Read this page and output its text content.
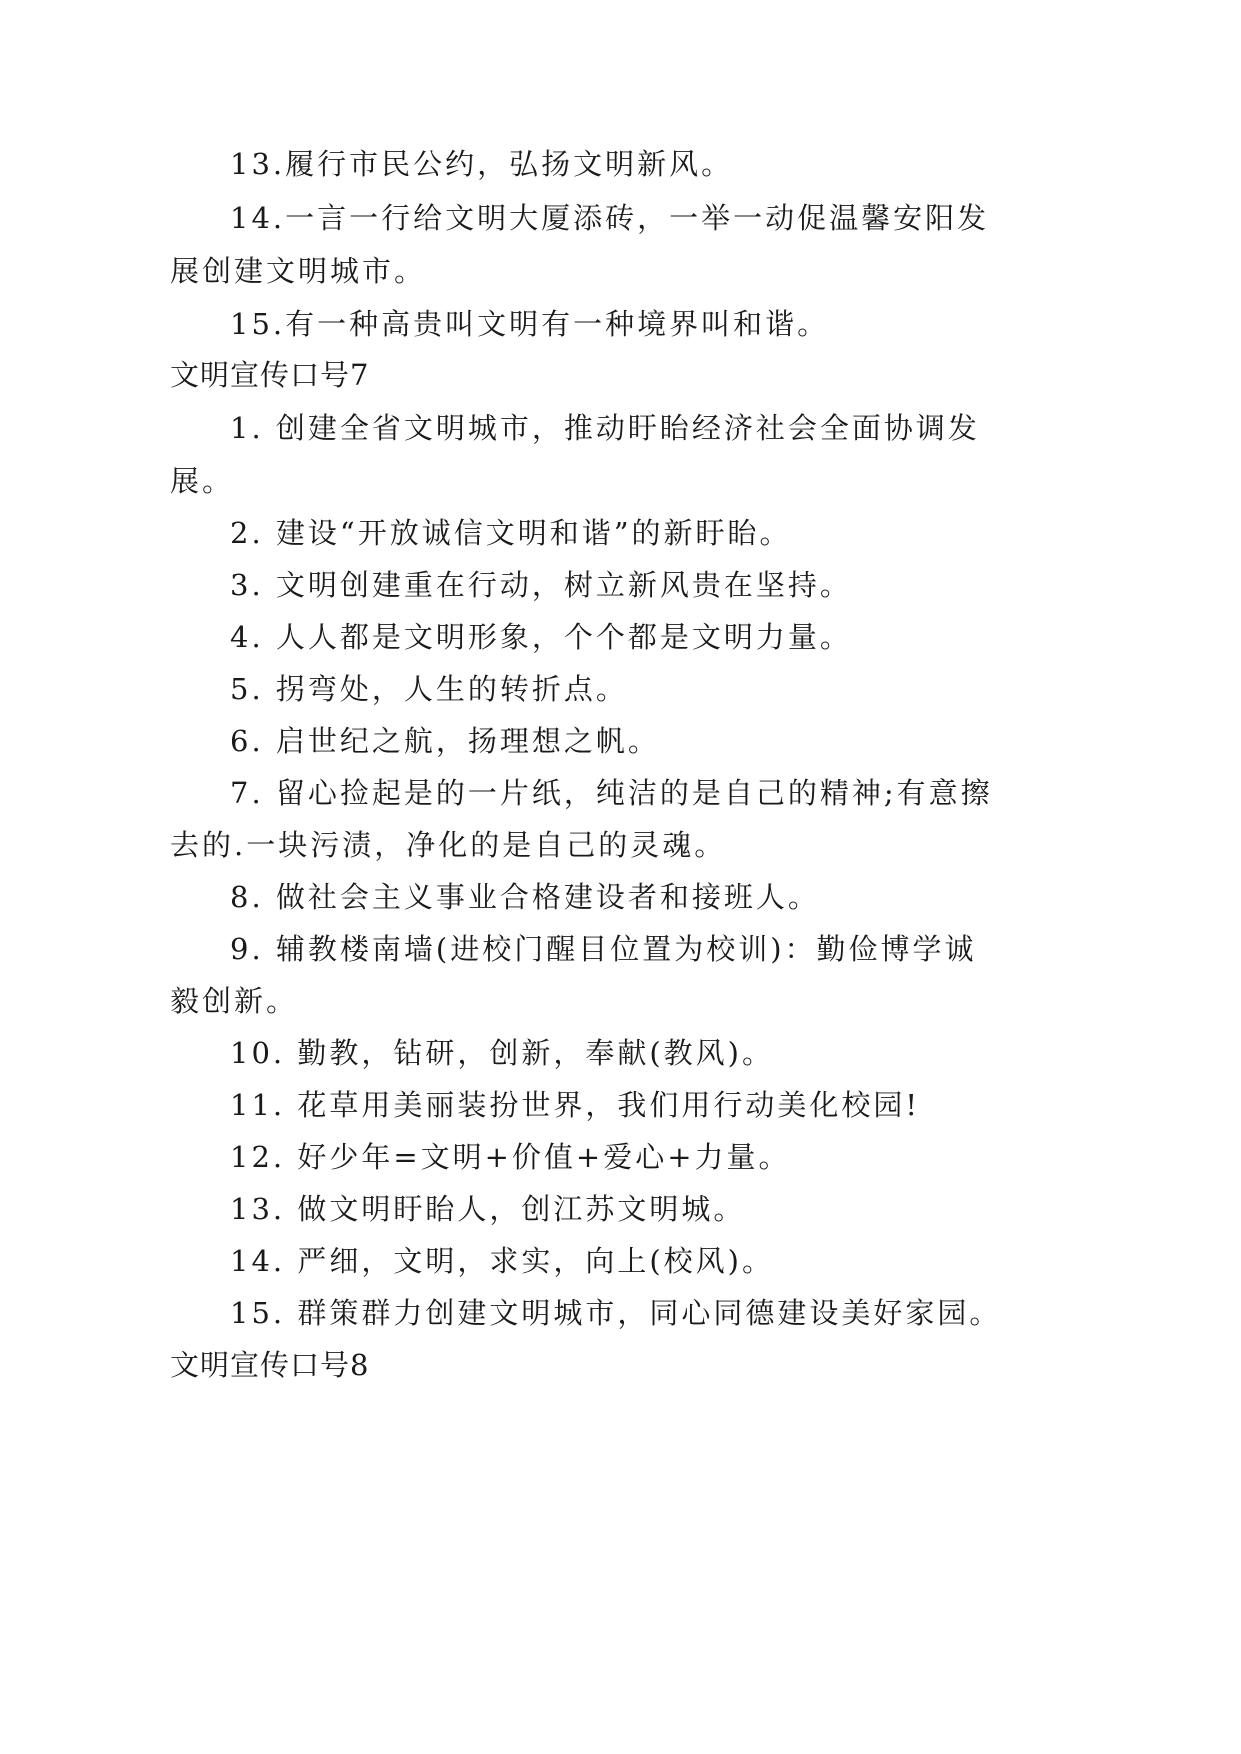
13.履行市民公约，弘扬文明新风。
14.一言一行给文明大厦添砖，一举一动促温馨安阳发
展创建文明城市。
15.有一种高贵叫文明有一种境界叫和谐。
文明宣传口号7
1. 创建全省文明城市，推动盱眙经济社会全面协调发
展。
2. 建设“开放诚信文明和谐”的新盱眙。
3. 文明创建重在行动，树立新风贵在坚持。
4. 人人都是文明形象，个个都是文明力量。
5. 拐弯处，人生的转折点。
6. 启世纪之航，扬理想之帆。
7. 留心捡起是的一片纸，纯洁的是自己的精神;有意擦
去的.一块污渍，净化的是自己的灵魂。
8. 做社会主义事业合格建设者和接班人。
9. 辅教楼南墙(进校门醒目位置为校训)：勤俭博学诚
毅创新。
10. 勤教，钻研，创新，奉献(教风)。
11. 花草用美丽装扮世界，我们用行动美化校园!
12. 好少年=文明+价值+爱心+力量。
13. 做文明盱眙人，创江苏文明城。
14. 严细，文明，求实，向上(校风)。
15. 群策群力创建文明城市，同心同德建设美好家园。
文明宣传口号8
